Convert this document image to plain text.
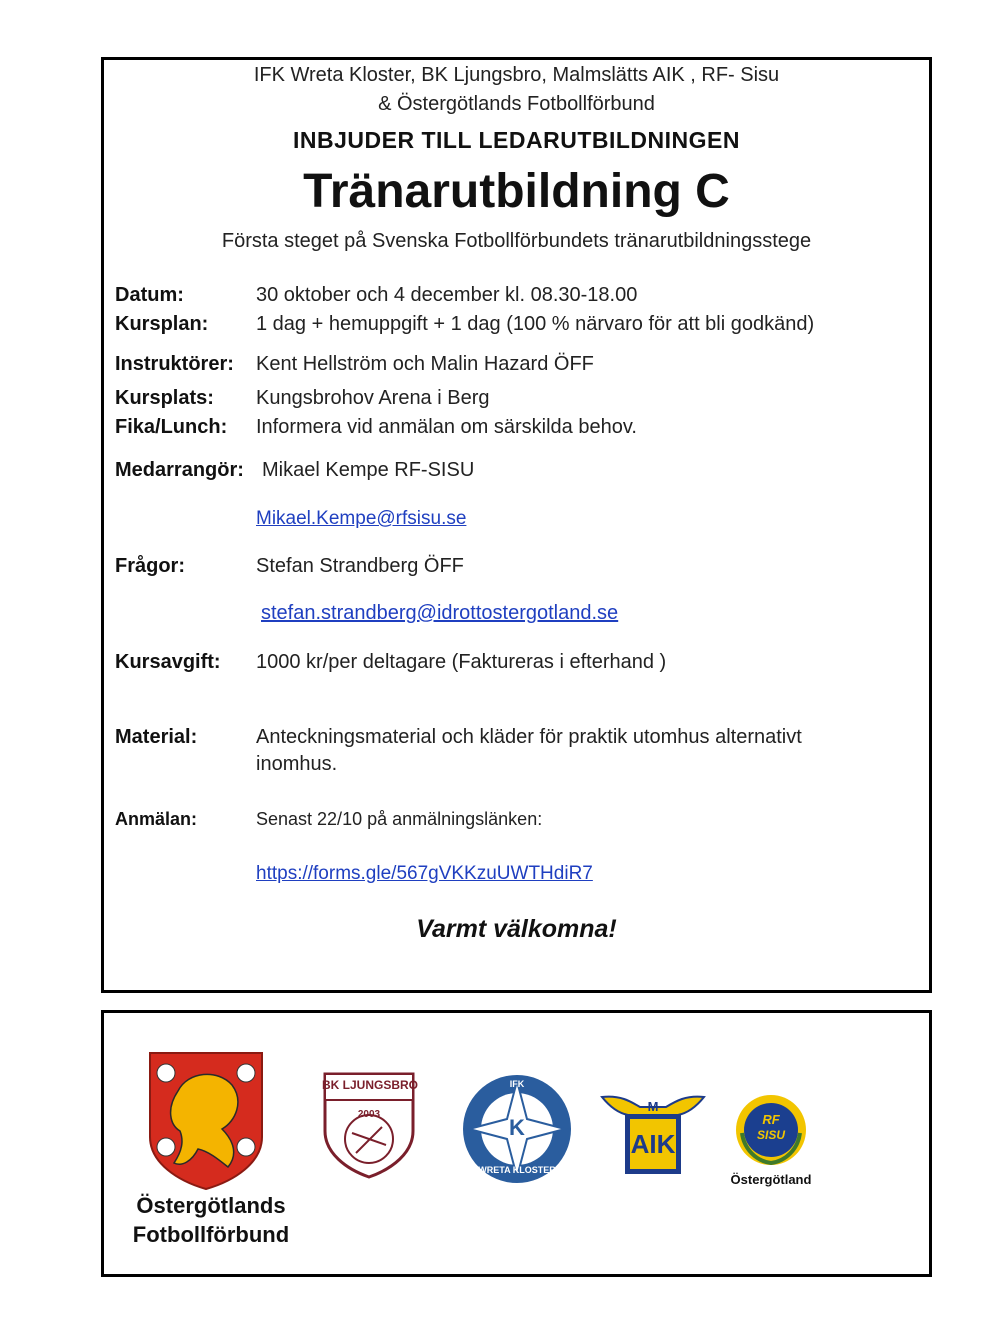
IFK Wreta Kloster, BK Ljungsbro, Malmslätts AIK , RF- Sisu
& Östergötlands Fotbollförbund
INBJUDER TILL LEDARUTBILDNINGEN
Tränarutbildning C
Första steget på Svenska Fotbollförbundets tränarutbildningsstege
Datum:	30 oktober och 4 december kl. 08.30-18.00
Kursplan: 1 dag + hemuppgift + 1 dag (100 % närvaro för att bli godkänd)
Instruktörer: Kent Hellström och Malin Hazard ÖFF
Kursplats: Kungsbrohov Arena i Berg
Fika/Lunch: Informera vid anmälan om särskilda behov.
Medarrangör: Mikael Kempe RF-SISU
Mikael.Kempe@rfsisu.se
Frågor:	Stefan Strandberg ÖFF
stefan.strandberg@idrottostergotland.se
Kursavgift: 1000 kr/per deltagare (Faktureras i efterhand )
Material:	Anteckningsmaterial och kläder för praktik utomhus alternativt
inomhus.
Anmälan:	Senast 22/10 på anmälningslänken:
https://forms.gle/567gVKKzuUWTHdiR7
Varmt välkomna!
Östergötlands
Fotbollförbund
BK LJUNGSBRO
2003
K
IFK
WRETA KLOSTER
M
AIK
RF
SISU
Östergötland
